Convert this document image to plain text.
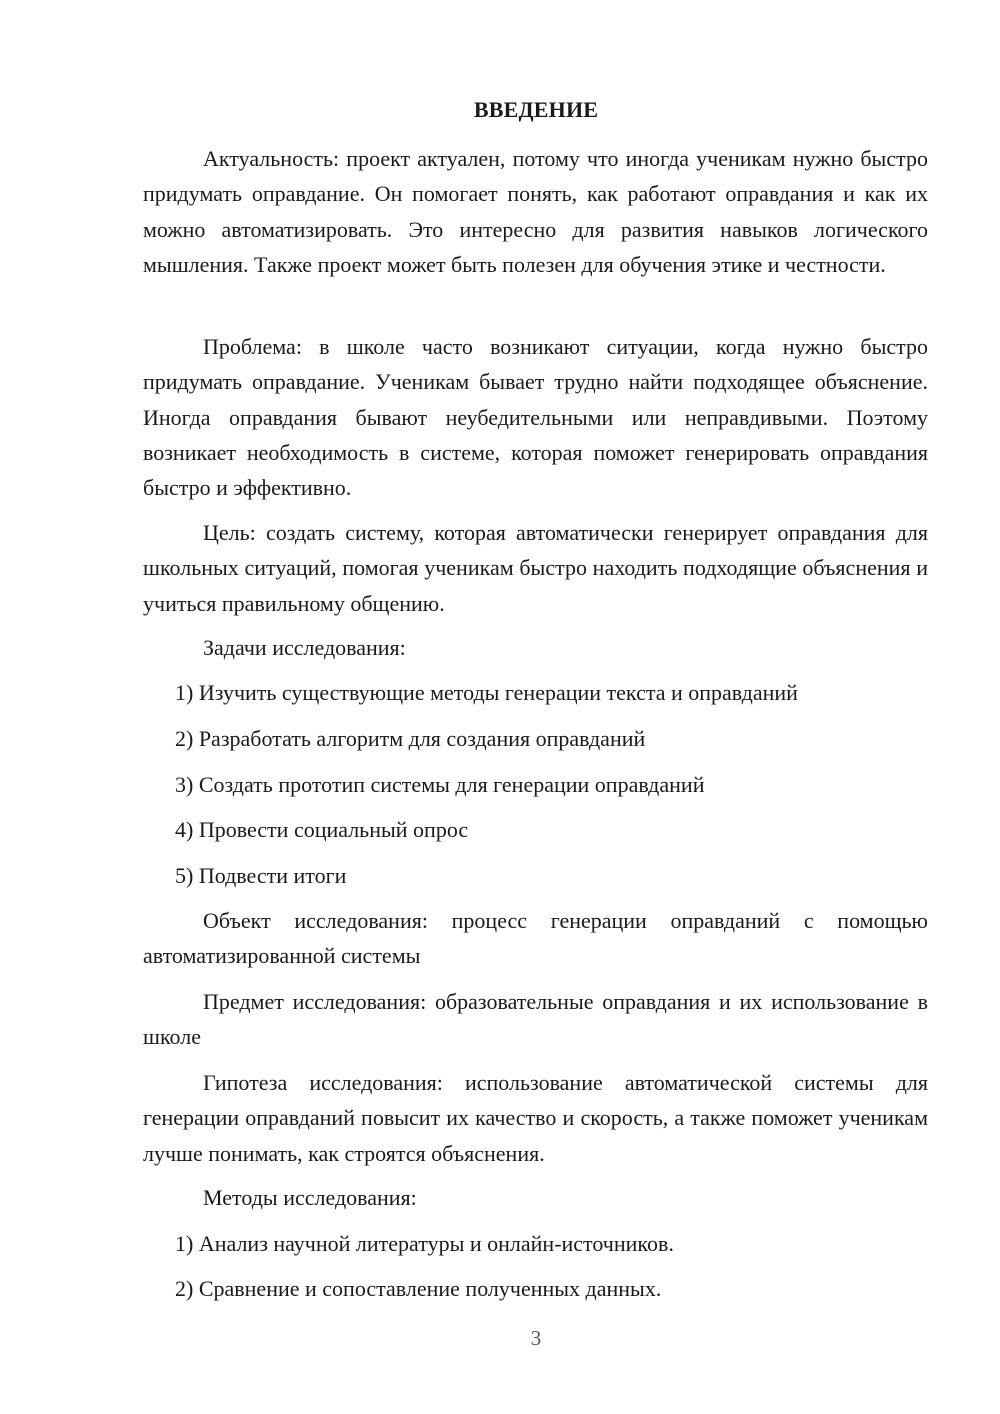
ВВЕДЕНИЕ
Актуальность: проект актуален, потому что иногда ученикам нужно быстро придумать оправдание. Он помогает понять, как работают оправдания и как их можно автоматизировать. Это интересно для развития навыков логического мышления. Также проект может быть полезен для обучения этике и честности.
Проблема: в школе часто возникают ситуации, когда нужно быстро придумать оправдание. Ученикам бывает трудно найти подходящее объяснение. Иногда оправдания бывают неубедительными или неправдивыми. Поэтому возникает необходимость в системе, которая поможет генерировать оправдания быстро и эффективно.
Цель: создать систему, которая автоматически генерирует оправдания для школьных ситуаций, помогая ученикам быстро находить подходящие объяснения и учиться правильному общению.
Задачи исследования:
1) Изучить существующие методы генерации текста и оправданий
2) Разработать алгоритм для создания оправданий
3) Создать прототип системы для генерации оправданий
4) Провести социальный опрос
5) Подвести итоги
Объект исследования: процесс генерации оправданий с помощью автоматизированной системы
Предмет исследования: образовательные оправдания и их использование в школе
Гипотеза исследования: использование автоматической системы для генерации оправданий повысит их качество и скорость, а также поможет ученикам лучше понимать, как строятся объяснения.
Методы исследования:
1) Анализ научной литературы и онлайн-источников.
2) Сравнение и сопоставление полученных данных.
3
